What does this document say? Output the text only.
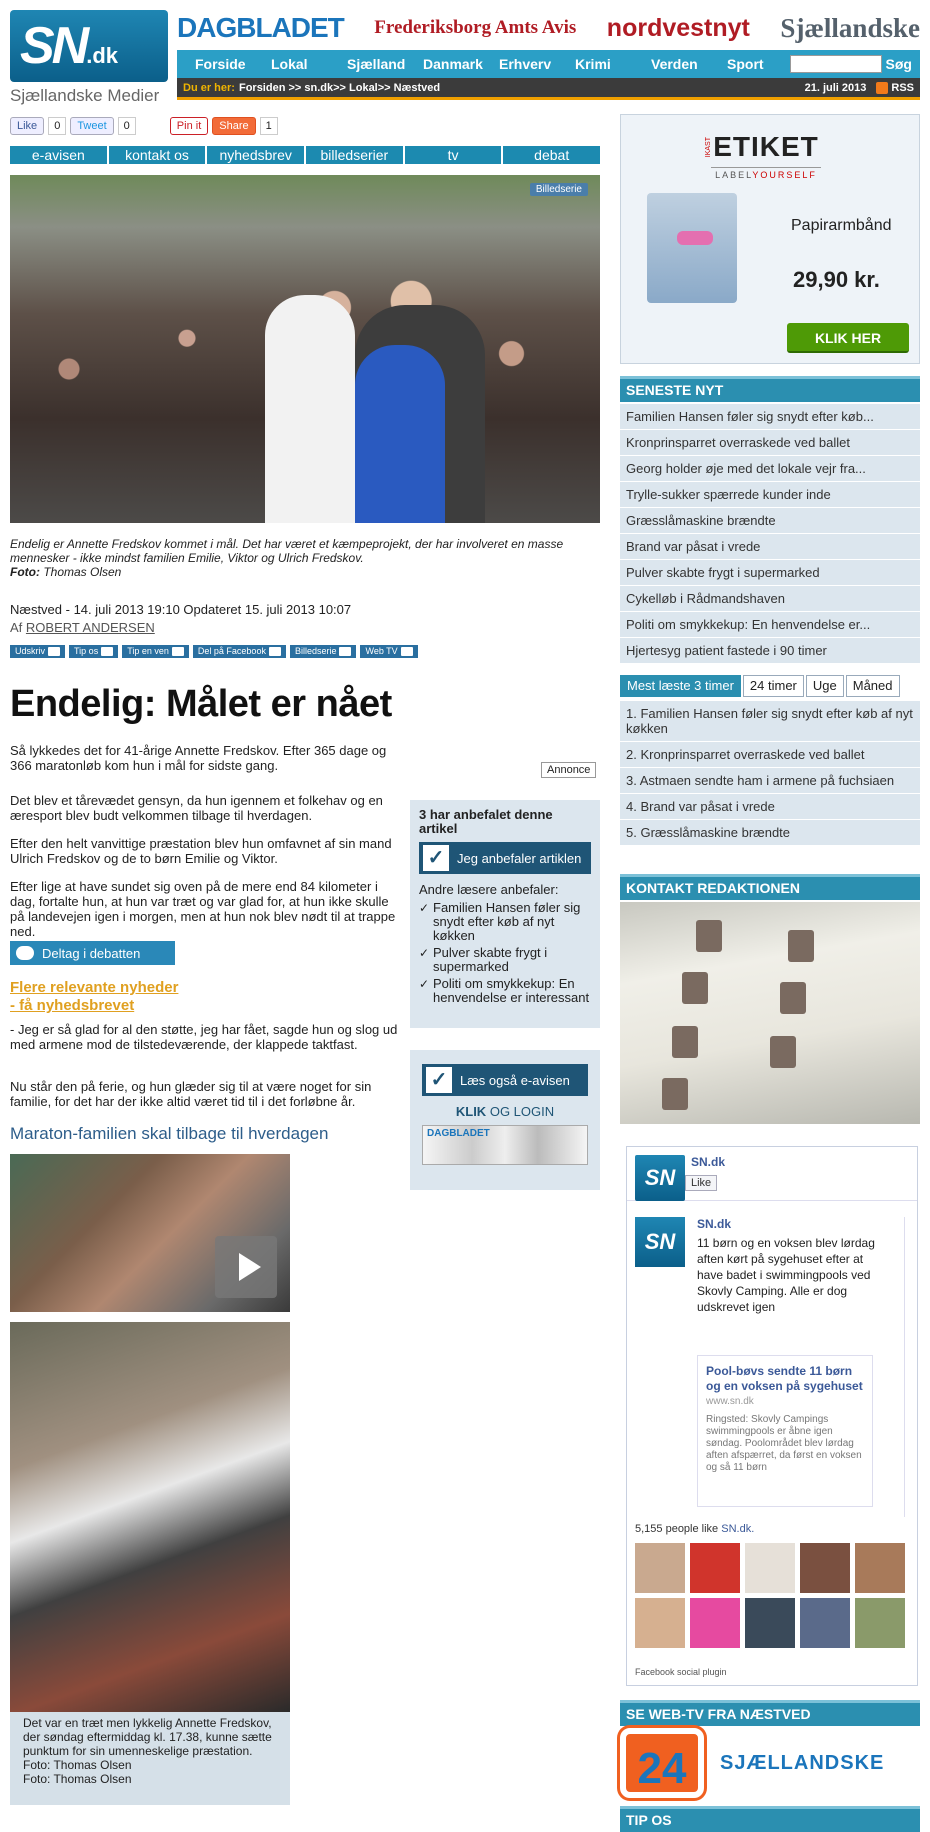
SN.dk
Sjællandske Medier
DAGBLADET Frederiksborg Amts Avis nordvestnyt Sjællandske
Forside	Lokal	Sjælland	Danmark	Erhverv	Krimi	Verden	Sport	Søg
Du er her: Forsiden >> sn.dk>> Lokal>> Næstved	21. juli 2013 RSS
Like	0	Tweet	0	Pin it	Share	1
e-avisen	kontakt os	nyhedsbrev	billedserier	tv	debat
Billedserie
Endelig er Annette Fredskov kommet i mål. Det har været et kæmpeprojekt, der har involveret en masse mennesker - ikke mindst familien Emilie, Viktor og Ulrich Fredskov.
Foto: Thomas Olsen
Næstved - 14. juli 2013 19:10 Opdateret 15. juli 2013 10:07
Af ROBERT ANDERSEN
Udskriv	Tip os	Tip en ven	Del på Facebook	Billedserie	Web TV
Endelig: Målet er nået

Så lykkedes det for 41-årige Annette Fredskov. Efter 365 dage og 366 maratonløb kom hun i mål for sidste gang.	Annonce

Det blev et tårevædet gensyn, da hun igennem et folkehav og en æresport blev budt velkommen tilbage til hverdagen.

Efter den helt vanvittige præstation blev hun omfavnet af sin mand Ulrich Fredskov og de to børn Emilie og Viktor.

Efter lige at have sundet sig oven på de mere end 84 kilometer i dag, fortalte hun, at hun var træt og var glad for, at hun ikke skulle på landevejen igen i morgen, men at hun nok blev nødt til at trappe ned.

Deltag i debatten
Flere relevante nyheder
- få nyhedsbrevet

- Jeg er så glad for al den støtte, jeg har fået, sagde hun og slog ud med armene mod de tilstedeværende, der klappede taktfast.

Nu står den på ferie, og hun glæder sig til at være noget for sin familie, for det har der ikke altid været tid til i det forløbne år.

3 har anbefalet denne artikel
✓ Jeg anbefaler artiklen
Andre læsere anbefaler:
✓ Familien Hansen føler sig snydt efter køb af nyt køkken
✓ Pulver skabte frygt i supermarked
✓ Politi om smykkekup: En henvendelse er interessant
✓ Læs også e-avisen
KLIK OG LOGIN
DAGBLADET
Maraton-familien skal tilbage til hverdagen
Det var en træt men lykkelig Annette Fredskov, der søndag eftermiddag kl. 17.38, kunne sætte punktum for sin umenneskelige præstation. Foto: Thomas Olsen
Foto: Thomas Olsen
IKAST ETIKET
LABELYOURSELF
Papirarmbånd
29,90 kr.
KLIK HER
SENESTE NYT
Familien Hansen føler sig snydt efter køb...
Kronprinsparret overraskede ved ballet
Georg holder øje med det lokale vejr fra...
Trylle-sukker spærrede kunder inde
Græsslåmaskine brændte
Brand var påsat i vrede
Pulver skabte frygt i supermarked
Cykelløb i Rådmandshaven
Politi om smykkekup: En henvendelse er...
Hjertesyg patient fastede i 90 timer
Mest læste 3 timer	24 timer	Uge	Måned
1. Familien Hansen føler sig snydt efter køb af nyt køkken
2. Kronprinsparret overraskede ved ballet
3. Astmaen sendte ham i armene på fuchsiaen
4. Brand var påsat i vrede
5. Græsslåmaskine brændte
KONTAKT REDAKTIONEN
SN
SN.dk
Like
SN
SN.dk
11 børn og en voksen blev lørdag aften kørt på sygehuset efter at have badet i swimmingpools ved Skovly Camping. Alle er dog udskrevet igen
Pool-bøvs sendte 11 børn og en voksen på sygehuset
www.sn.dk
Ringsted: Skovly Campings swimmingpools er åbne igen søndag. Poolområdet blev lørdag aften afspærret, da først en voksen og så 11 børn
5,155 people like SN.dk.
Facebook social plugin
SE WEB-TV FRA NÆSTVED
24	SJÆLLANDSKE
TIP OS
